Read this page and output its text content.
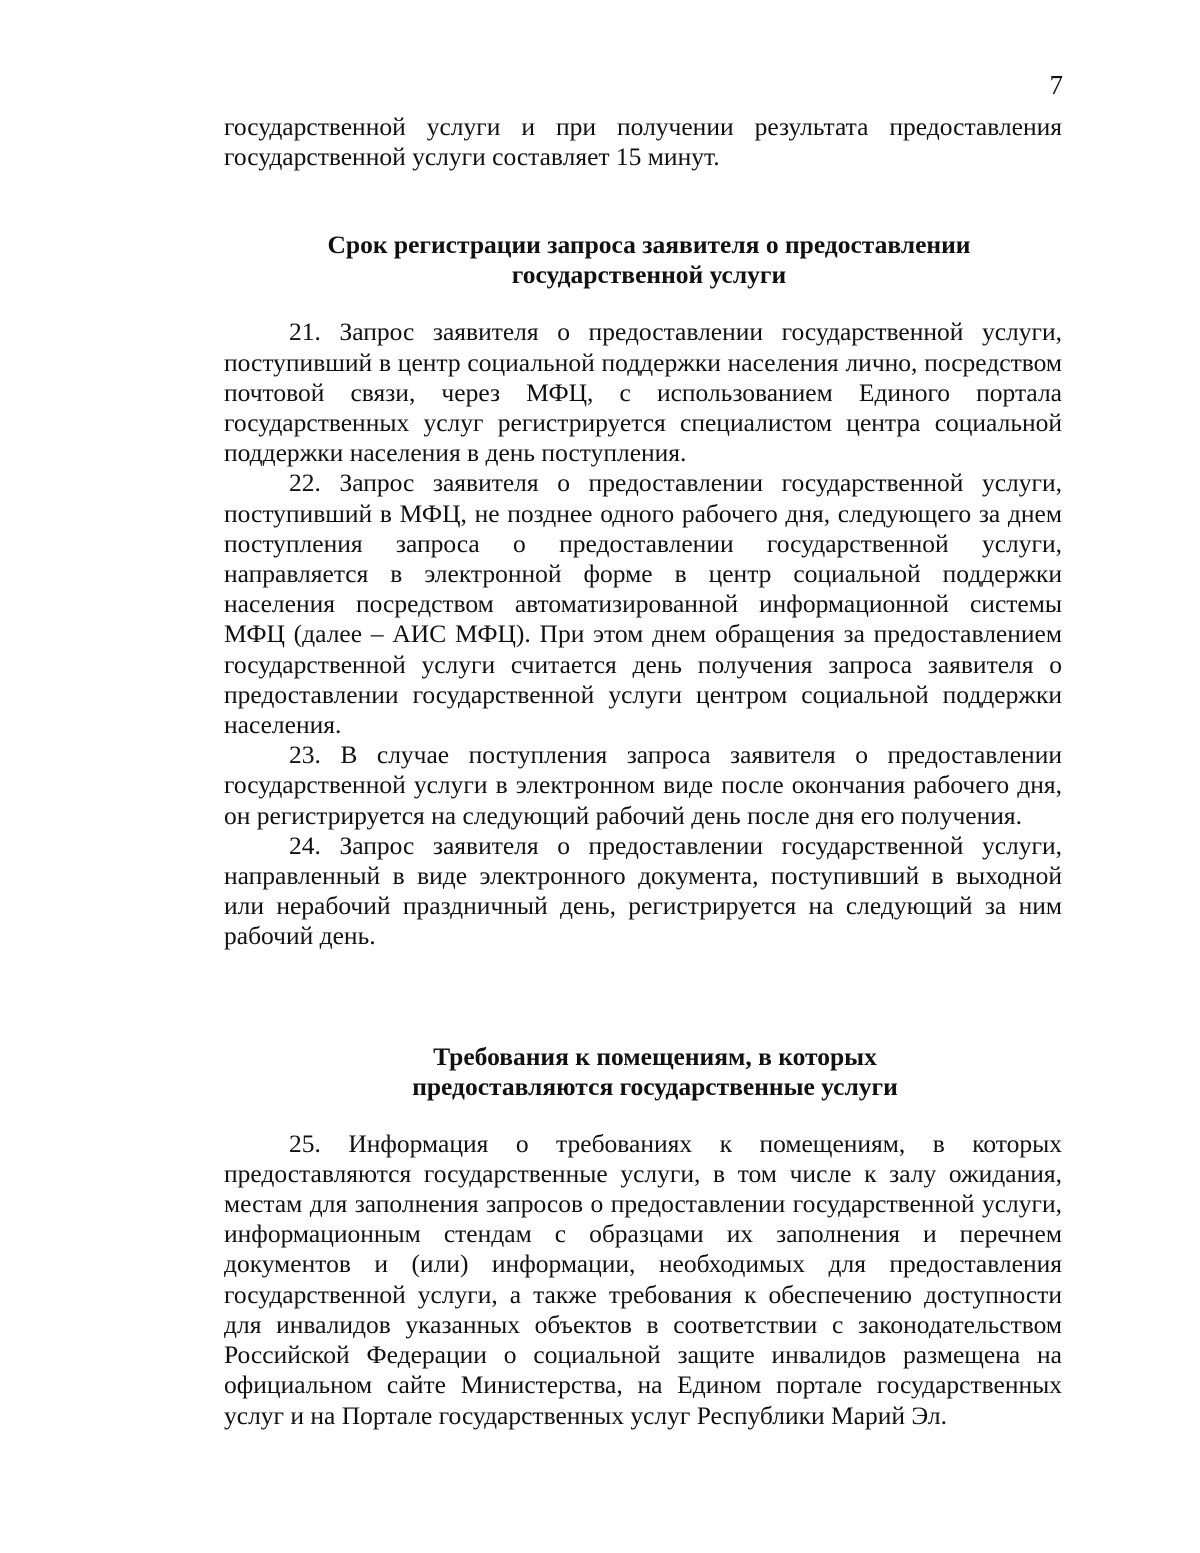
7

государственной услуги и при получении результата предоставления государственной услуги составляет 15 минут.

Срок регистрации запроса заявителя о предоставлении
государственной услуги

21. Запрос заявителя о предоставлении государственной услуги, поступивший в центр социальной поддержки населения лично, посредством почтовой связи, через МФЦ, с использованием Единого портала государственных услуг регистрируется специалистом центра социальной поддержки населения в день поступления.

22. Запрос заявителя о предоставлении государственной услуги, поступивший в МФЦ, не позднее одного рабочего дня, следующего за днем поступления запроса о предоставлении государственной услуги, направляется в электронной форме в центр социальной поддержки населения посредством автоматизированной информационной системы МФЦ (далее – АИС МФЦ). При этом днем обращения за предоставлением государственной услуги считается день получения запроса заявителя о предоставлении государственной услуги центром социальной поддержки населения.

23. В случае поступления запроса заявителя о предоставлении государственной услуги в электронном виде после окончания рабочего дня, он регистрируется на следующий рабочий день после дня его получения.

24. Запрос заявителя о предоставлении государственной услуги, направленный в виде электронного документа, поступивший в выходной или нерабочий праздничный день, регистрируется на следующий за ним рабочий день.

Требования к помещениям, в которых
предоставляются государственные услуги

25. Информация о требованиях к помещениям, в которых предоставляются государственные услуги, в том числе к залу ожидания, местам для заполнения запросов о предоставлении государственной услуги, информационным стендам с образцами их заполнения и перечнем документов и (или) информации, необходимых для предоставления государственной услуги, а также требования к обеспечению доступности для инвалидов указанных объектов в соответствии с законодательством Российской Федерации о социальной защите инвалидов размещена на официальном сайте Министерства, на Едином портале государственных услуг и на Портале государственных услуг Республики Марий Эл.
